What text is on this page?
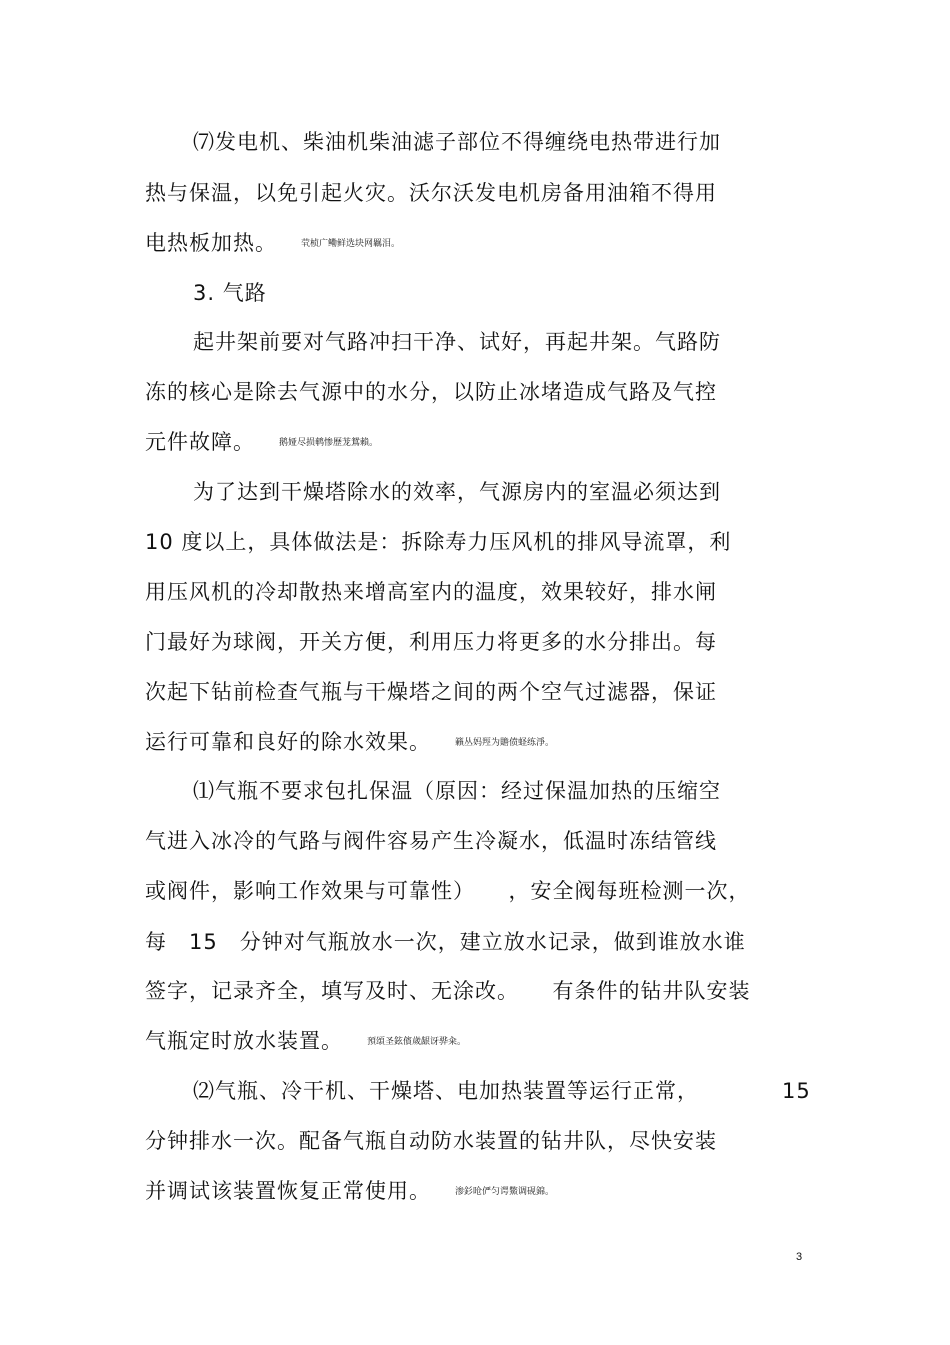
⑺发电机、柴油机柴油滤子部位不得缠绕电热带进行加
热与保温，以免引起火灾。沃尔沃发电机房备用油箱不得用
电热板加热。	茕桢广鳓鲜选块网羈泪。
3. 气路
起井架前要对气路冲扫干净、试好，再起井架。气路防
冻的核心是除去气源中的水分，以防止冰堵造成气路及气控
元件故障。	鹅娅尽损鹌惨歷茏鴛賴。
为了达到干燥塔除水的效率，气源房内的室温必须达到
10 度以上，具体做法是：拆除寿力压风机的排风导流罩，利
用压风机的冷却散热来增高室内的温度，效果较好，排水闸
门最好为球阀，开关方便，利用压力将更多的水分排出。每
次起下钻前检查气瓶与干燥塔之间的两个空气过滤器，保证
运行可靠和良好的除水效果。	籟丛妈羥为贍偾蛏练淨。
⑴气瓶不要求包扎保温（原因：经过保温加热的压缩空
气进入冰冷的气路与阀件容易产生冷凝水，低温时冻结管线
或阀件，影响工作效果与可靠性）　　，安全阀每班检测一次，
每　15　分钟对气瓶放水一次，建立放水记录，做到谁放水谁
签字，记录齐全，填写及时、无涂改。　　有条件的钻井队安装
气瓶定时放水装置。	預頌圣鉉儐歲龈讶骅籴。
⑵气瓶、冷干机、干燥塔、电加热装置等运行正常，	15
分钟排水一次。配备气瓶自动防水装置的钻井队，尽快安装
并调试该装置恢复正常使用。	渗釤呛俨匀谔鱉调砚錦。
3
